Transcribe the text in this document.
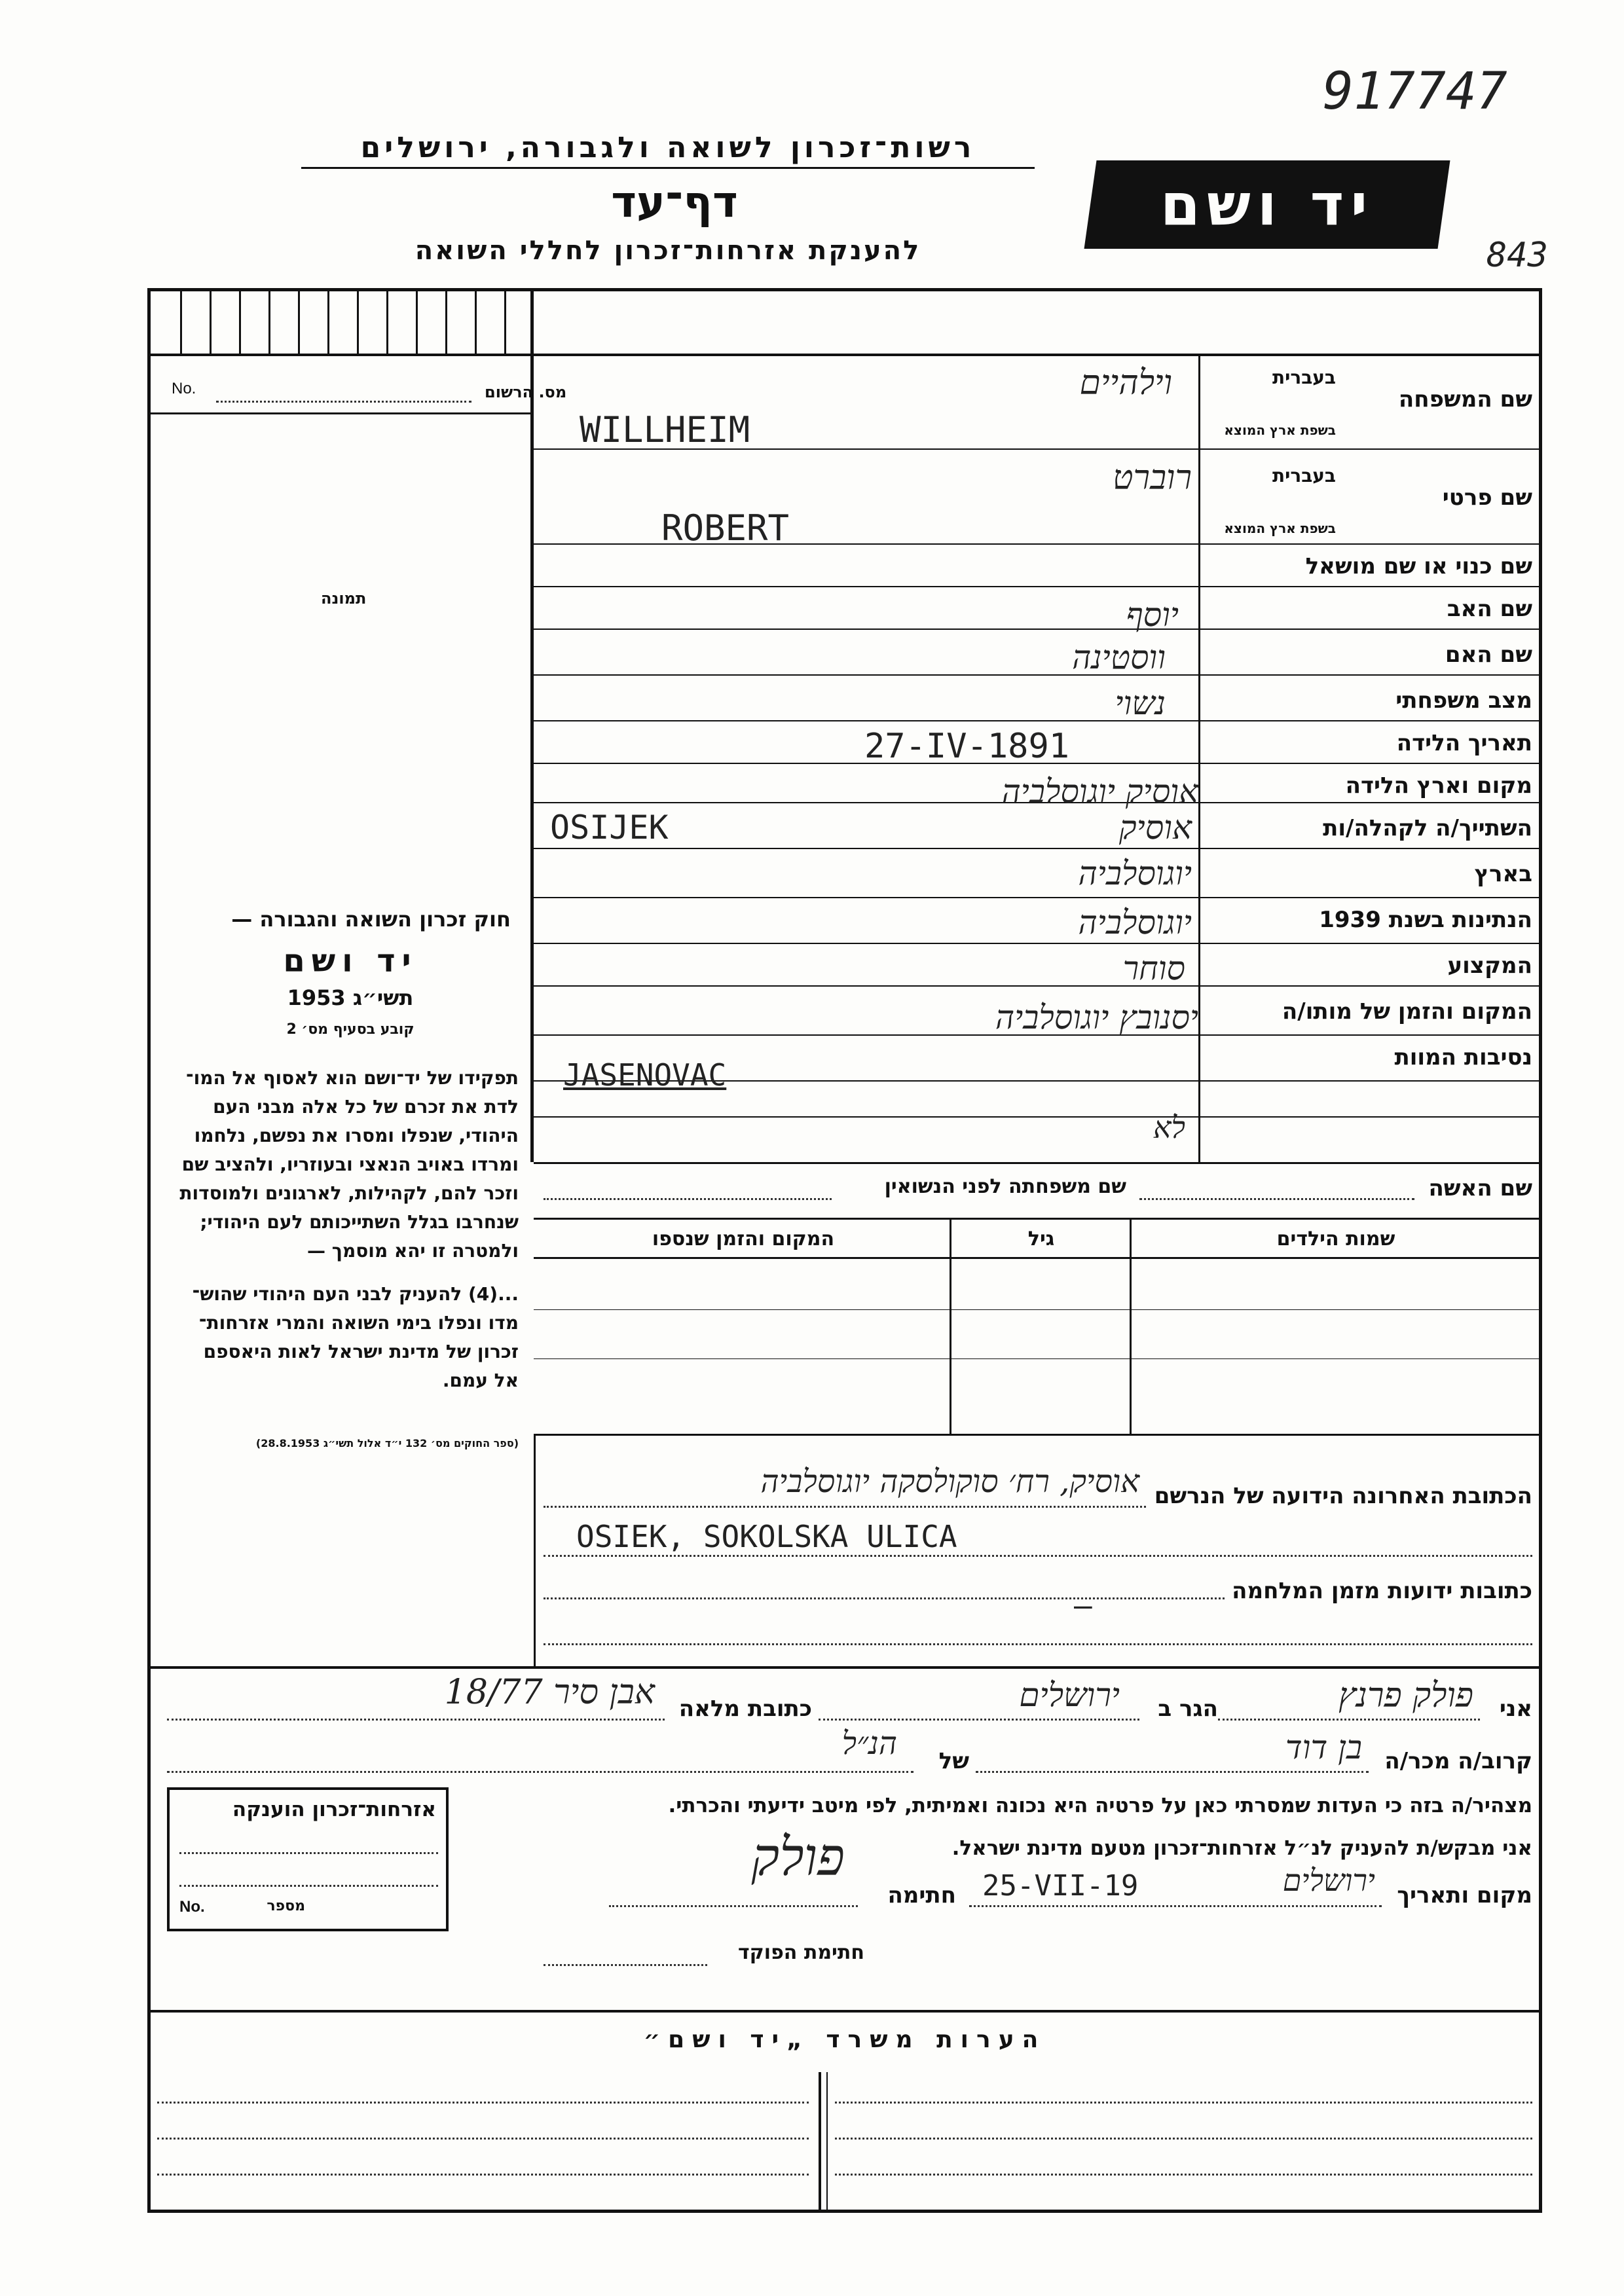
917747
843
רשות־זכרון לשואה ולגבורה, ירושלים
דף־עד
להענקת אזרחות־זכרון לחללי השואה
יד ושם
מס. הרשום
No.
תמונה
חוק זכרון השואה והגבורה —
יד ושם
תשי״ג 1953
קובע בסעיף מס׳ 2
תפקידו של יד־ושם הוא לאסוף אל המו־
לדת את זכרם של כל אלה מבני העם
היהודי, שנפלו ומסרו את נפשם, נלחמו
ומרדו באויב הנאצי ובעוזריו, ולהציב שם
וזכר להם, לקהילות, לארגונים ולמוסדות
שנחרבו בגלל השתייכותם לעם היהודי;
ולמטרה זו יהא מוסמך —
...(4) להעניק לבני העם היהודי שהוש־
מדו ונפלו בימי השואה והמרי אזרחות־
זכרון של מדינת ישראל לאות היאספם
אל עמם.
(ספר החוקים מס׳ 132 י״ד אלול תשי״ג 28.8.1953)
שם המשפחה
בעברית
בשפת ארץ המוצא
וילהיים
WILLHEIM
שם פרטי
בעברית
בשפת ארץ המוצא
רוברט
ROBERT
שם כנוי או שם מושאל
שם האב
שם האם
מצב משפחתי
תאריך הלידה
מקום וארץ הלידה
השתייך/ה לקהלה/ות
בארץ
הנתינות בשנת 1939
המקצוע
המקום והזמן של מותו/ה
נסיבות המוות
יוסף
ווסטינה
נשוי
27-IV-1891
אוסיק יוגוסלביה
OSIJEK	אוסיק
יוגוסלביה
יוגוסלביה
סוחר
יסנובץ יוגוסלביה
JASENOVAC
לא
שם האשה
שם משפחתה לפני הנשואין
שמות הילדים
גיל
המקום והזמן שנספו
הכתובת האחרונה הידועה של הנרשם
אוסיק, רח׳ סוקולסקה יוגוסלביה
OSIEK, SOKOLSKA ULICA
כתובות ידועות מזמן המלחמה
—
אני
פולק פרנץ
הגר ב
ירושלים
כתובת מלאה
אבן סיר 18/77
קרוב/ה מכר/ה
בן דוד
של
הנ״ל
מצהיר/ה בזה כי העדות שמסרתי כאן על פרטיה היא נכונה ואמיתית, לפי מיטב ידיעתי והכרתי.
אני מבקש/ת להעניק לנ״ל אזרחות־זכרון מטעם מדינת ישראל.
מקום ותאריך
ירושלים
25-VII-19
חתימה
פולק
חתימת הפוקד
אזרחות־זכרון הוענקה
No.	מספר
הערות משרד „יד ושם״
